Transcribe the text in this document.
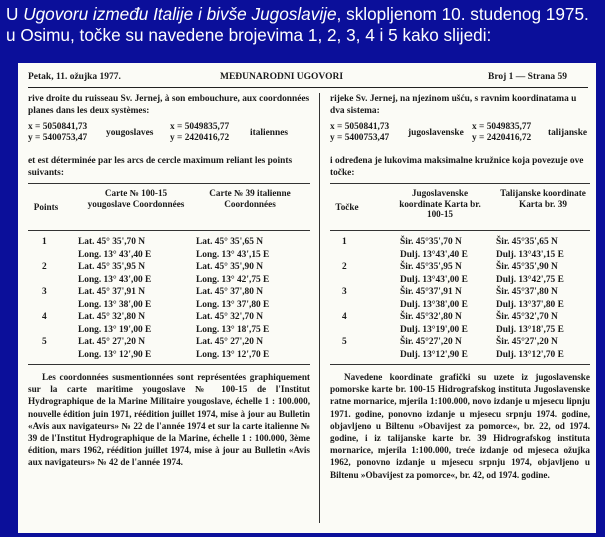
U Ugovoru između Italije i bivše Jugoslavije, sklopljenom 10. studenog 1975. u Osimu, točke su navedene brojevima 1, 2, 3, 4 i 5 kako slijedi:
Petak, 11. ožujka 1977.	MEĐUNARODNI UGOVORI	Broj 1 — Strana 59

rive droite du ruisseau Sv. Jernej, à son embouchure, aux coordonnées planes dans les deux systèmes:

x = 5050841,73
y = 5400753,47 yougoslaves
x = 5049835,77
y = 2420416,72 italiennes

et est déterminée par les arcs de cercle maximum reliant les points suivants:

Points
Carte № 100-15 yougoslave Coordonnées
Carte № 39 italienne Coordonnées
1	Lat. 45° 35',70 N	Lat. 45° 35',65 N
Long. 13° 43',40 E	Long. 13° 43',15 E
2	Lat. 45° 35',95 N	Lat. 45° 35',90 N
Long. 13° 43',00 E	Long. 13° 42',75 E
3	Lat. 45° 37',91 N	Lat. 45° 37',80 N
Long. 13° 38',00 E	Long. 13° 37',80 E
4	Lat. 45° 32',80 N	Lat. 45° 32',70 N
Long. 13° 19',00 E	Long. 13° 18',75 E
5	Lat. 45° 27',20 N	Lat. 45° 27',20 N
Long. 13° 12',90 E	Long. 13° 12',70 E
Les coordonnées susmentionnées sont représentées graphiquement sur la carte maritime yougoslave № 100-15 de l'Institut Hydrographique de la Marine Militaire yougoslave, échelle 1 : 100.000, nouvelle édition juin 1971, réédition juillet 1974, mise à jour au Bulletin «Avis aux navigateurs» № 22 de l'année 1974 et sur la carte italienne № 39 de l'Institut Hydrographique de la Marine, échelle 1 : 100.000, 3ème édition, mars 1962, réédition juillet 1974, mise à jour au Bulletin «Avis aux navigateurs» № 42 de l'année 1974.

rijeke Sv. Jernej, na njezinom ušću, s ravnim koordinatama u dva sistema:

x = 5050841,73
y = 5400753,47 jugoslavenske
x = 5049835,77
y = 2420416,72 talijanske

i određena je lukovima maksimalne kružnice koja povezuje ove točke:

Točke
Jugoslavenske koordinate Karta br. 100-15
Talijanske koordinate Karta br. 39
1	Šir. 45°35',70 N	Šir. 45°35',65 N
Dulj. 13°43',40 E	Dulj. 13°43',15 E
2	Šir. 45°35',95 N	Šir. 45°35',90 N
Dulj. 13°43',00 E	Dulj. 13°42',75 E
3	Šir. 45°37',91 N	Šir. 45°37',80 N
Dulj. 13°38',00 E	Dulj. 13°37',80 E
4	Šir. 45°32',80 N	Šir. 45°32',70 N
Dulj. 13°19',00 E	Dulj. 13°18',75 E
5	Šir. 45°27',20 N	Šir. 45°27',20 N
Dulj. 13°12',90 E	Dulj. 13°12',70 E
Navedene koordinate grafički su uzete iz jugoslavenske pomorske karte br. 100-15 Hidrografskog instituta Jugoslavenske ratne mornarice, mjerila 1:100.000, novo izdanje u mjesecu lipnju 1971. godine, ponovno izdanje u mjesecu srpnju 1974. godine, objavljeno u Biltenu »Obavijest za pomorce«, br. 22, od 1974. godine, i iz talijanske karte br. 39 Hidrografskog instituta mornarice, mjerila 1:100.000, treće izdanje od mjeseca ožujka 1962, ponovno izdanje u mjesecu srpnju 1974, objavljeno u Biltenu »Obavijest za pomorce«, br. 42, od 1974. godine.
